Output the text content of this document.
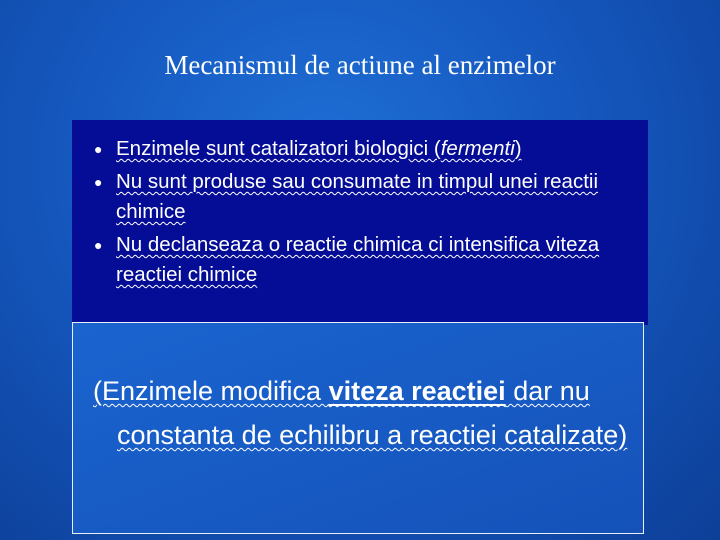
Mecanismul de actiune al enzimelor
● Enzimele sunt catalizatori biologici (fermenti)
● Nu sunt produse sau consumate in timpul unei reactii chimice
● Nu declanseaza o reactie chimica ci intensifica viteza reactiei chimice
(Enzimele modifica viteza reactiei dar nu
constanta de echilibru a reactiei catalizate)
